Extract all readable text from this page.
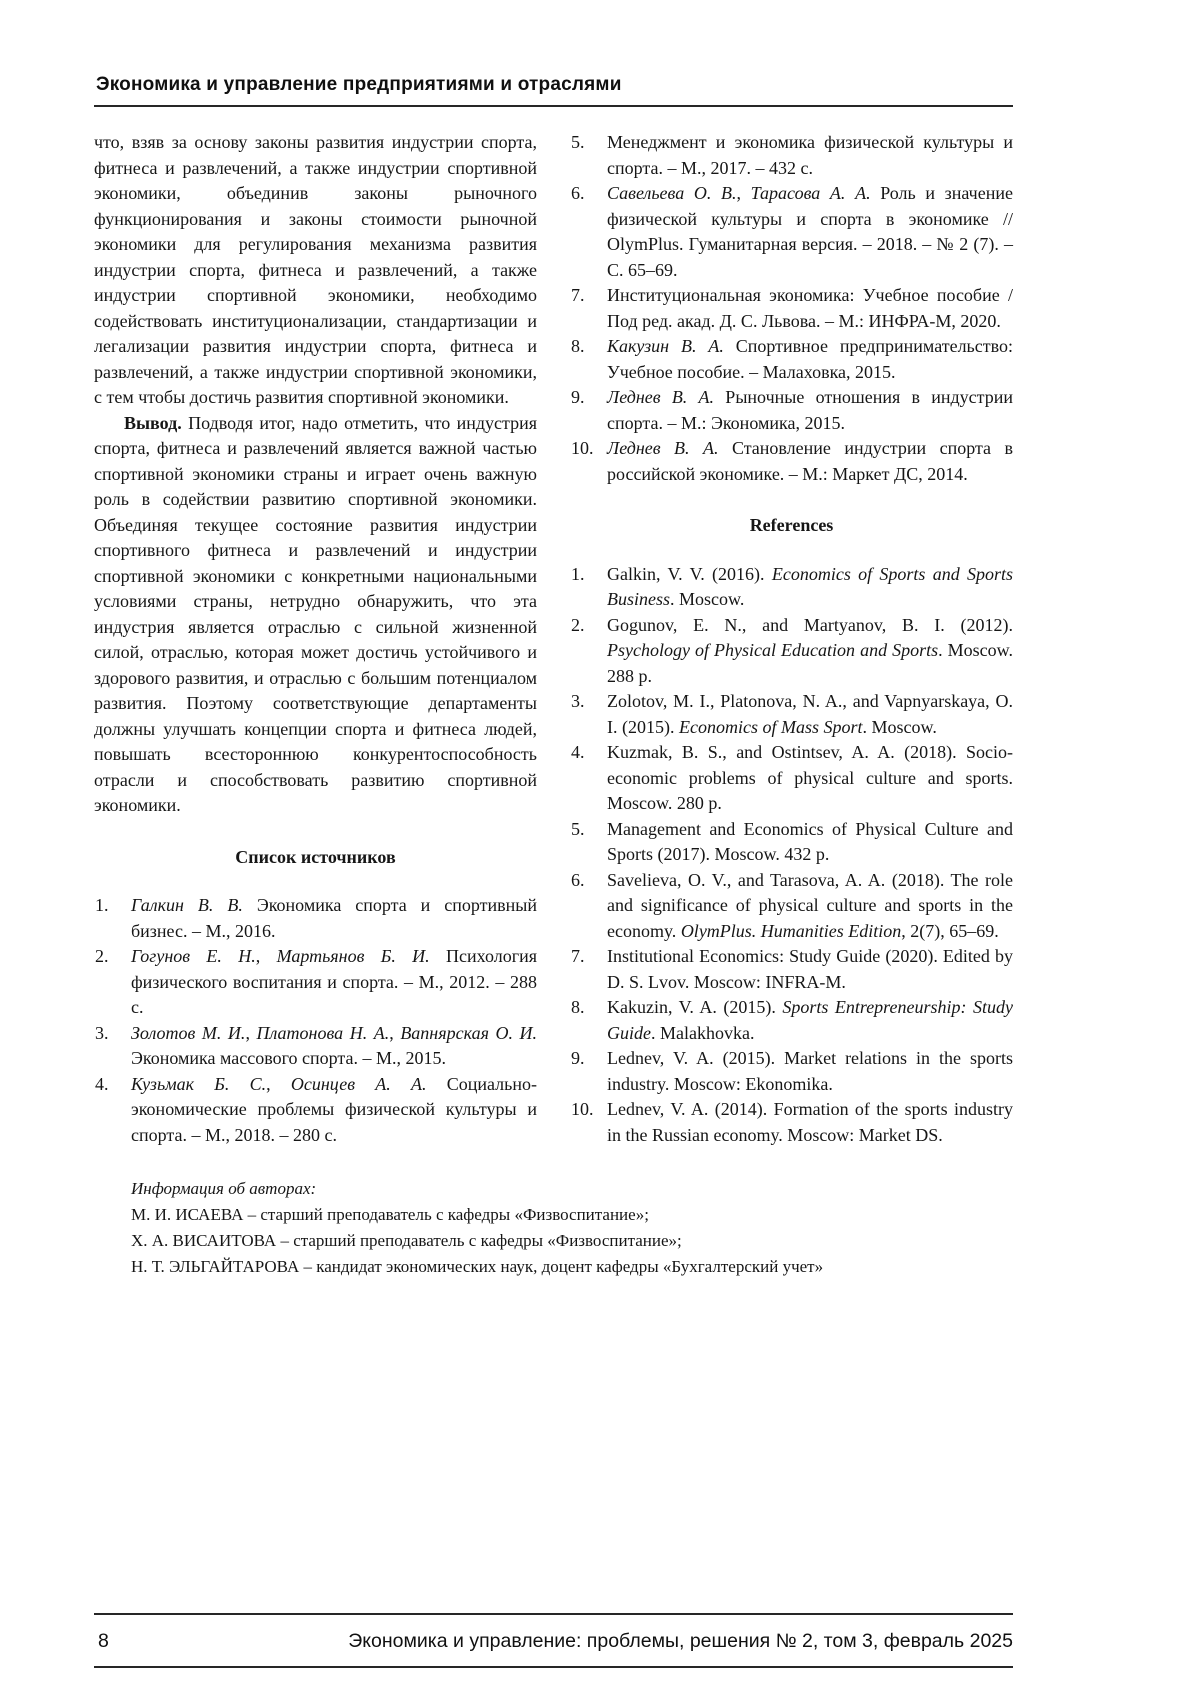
Экономика и управление предприятиями и отраслями

что, взяв за основу законы развития индустрии спорта, фитнеса и развлечений, а также индустрии спортивной экономики, объединив законы рыночного функционирования и законы стоимости рыночной экономики для регулирования механизма развития индустрии спорта, фитнеса и развлечений, а также индустрии спортивной экономики, необходимо содействовать институционализации, стандартизации и легализации развития индустрии спорта, фитнеса и развлечений, а также индустрии спортивной экономики, с тем чтобы достичь развития спортивной экономики.

Вывод. Подводя итог, надо отметить, что индустрия спорта, фитнеса и развлечений является важной частью спортивной экономики страны и играет очень важную роль в содействии развитию спортивной экономики. Объединяя текущее состояние развития индустрии спортивного фитнеса и развлечений и индустрии спортивной экономики с конкретными национальными условиями страны, нетрудно обнаружить, что эта индустрия является отраслью с сильной жизненной силой, отраслью, которая может достичь устойчивого и здорового развития, и отраслью с большим потенциалом развития. Поэтому соответствующие департаменты должны улучшать концепции спорта и фитнеса людей, повышать всестороннюю конкурентоспособность отрасли и способствовать развитию спортивной экономики.

Список источников
1. Галкин В. В. Экономика спорта и спортивный бизнес. – М., 2016.
2. Гогунов Е. Н., Мартьянов Б. И. Психология физического воспитания и спорта. – М., 2012. – 288 с.
3. Золотов М. И., Платонова Н. А., Вапнярская О. И. Экономика массового спорта. – М., 2015.
4. Кузьмак Б. С., Осинцев А. А. Социально-экономические проблемы физической культуры и спорта. – М., 2018. – 280 с.
5. Менеджмент и экономика физической культуры и спорта. – М., 2017. – 432 с.
6. Савельева О. В., Тарасова А. А. Роль и значение физической культуры и спорта в экономике // OlymPlus. Гуманитарная версия. – 2018. – № 2 (7). – С. 65–69.
7. Институциональная экономика: Учебное пособие / Под ред. акад. Д. С. Львова. – М.: ИНФРА-М, 2020.
8. Какузин В. А. Спортивное предпринимательство: Учебное пособие. – Малаховка, 2015.
9. Леднев В. А. Рыночные отношения в индустрии спорта. – М.: Экономика, 2015.
10. Леднев В. А. Становление индустрии спорта в российской экономике. – М.: Маркет ДС, 2014.
References
1. Galkin, V. V. (2016). Economics of Sports and Sports Business. Moscow.
2. Gogunov, E. N., and Martyanov, B. I. (2012). Psychology of Physical Education and Sports. Moscow. 288 p.
3. Zolotov, M. I., Platonova, N. A., and Vapnyarskaya, O. I. (2015). Economics of Mass Sport. Moscow.
4. Kuzmak, B. S., and Ostintsev, A. A. (2018). Socio-economic problems of physical culture and sports. Moscow. 280 p.
5. Management and Economics of Physical Culture and Sports (2017). Moscow. 432 p.
6. Savelieva, O. V., and Tarasova, A. A. (2018). The role and significance of physical culture and sports in the economy. OlymPlus. Humanities Edition, 2(7), 65–69.
7. Institutional Economics: Study Guide (2020). Edited by D. S. Lvov. Moscow: INFRA-M.
8. Kakuzin, V. A. (2015). Sports Entrepreneurship: Study Guide. Malakhovka.
9. Lednev, V. A. (2015). Market relations in the sports industry. Moscow: Ekonomika.
10. Lednev, V. A. (2014). Formation of the sports industry in the Russian economy. Moscow: Market DS.
Информация об авторах:
М. И. ИСАЕВА – старший преподаватель с кафедры «Физвоспитание»;
Х. А. ВИСАИТОВА – старший преподаватель с кафедры «Физвоспитание»;
Н. Т. ЭЛЬГАЙТАРОВА – кандидат экономических наук, доцент кафедры «Бухгалтерский учет»
8	Экономика и управление: проблемы, решения № 2, том 3, февраль 2025
